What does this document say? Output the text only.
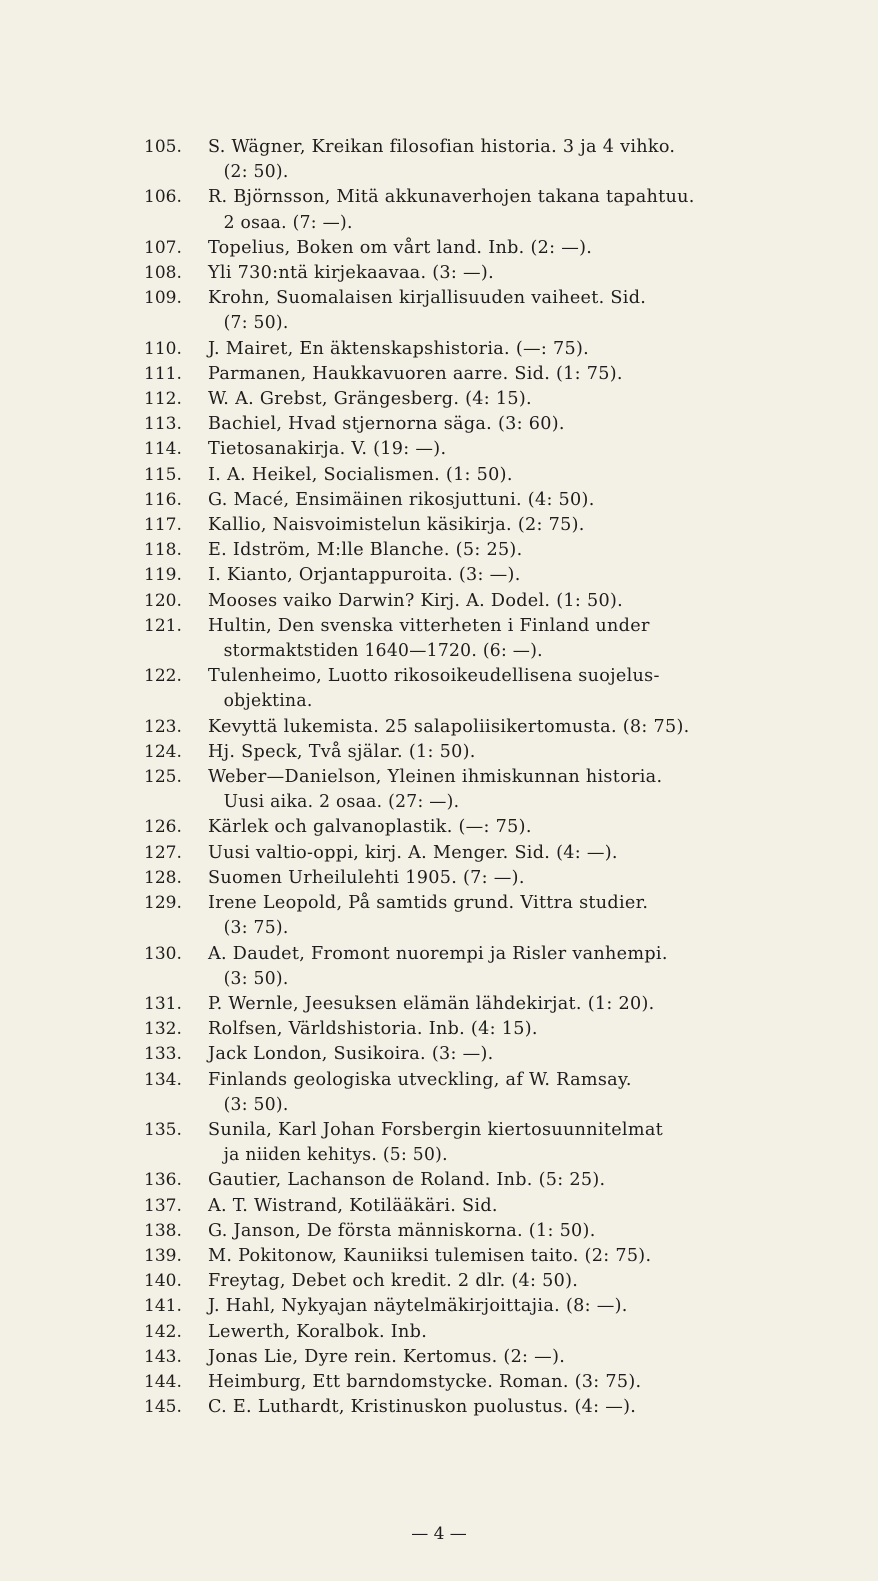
105.	S. Wägner, Kreikan filosofian historia. 3 ja 4 vihko.
(2: 50).
106.	R. Björnsson, Mitä akkunaverhojen takana tapahtuu.
2 osaa. (7: —).
107.	Topelius, Boken om vårt land. Inb. (2: —).
108.	Yli 730:ntä kirjekaavaa. (3: —).
109.	Krohn, Suomalaisen kirjallisuuden vaiheet. Sid.
(7: 50).
110.	J. Mairet, En äktenskapshistoria. (—: 75).
111.	Parmanen, Haukkavuoren aarre. Sid. (1: 75).
112.	W. A. Grebst, Grängesberg. (4: 15).
113.	Bachiel, Hvad stjernorna säga. (3: 60).
114.	Tietosanakirja. V. (19: —).
115.	I. A. Heikel, Socialismen. (1: 50).
116.	G. Macé, Ensimäinen rikosjuttuni. (4: 50).
117.	Kallio, Naisvoimistelun käsikirja. (2: 75).
118.	E. Idström, M:lle Blanche. (5: 25).
119.	I. Kianto, Orjantappuroita. (3: —).
120.	Mooses vaiko Darwin? Kirj. A. Dodel. (1: 50).
121.	Hultin, Den svenska vitterheten i Finland under
stormaktstiden 1640—1720. (6: —).
122.	Tulenheimo, Luotto rikosoikeudellisena suojelus-
objektina.
123.	Kevyttä lukemista. 25 salapoliisikertomusta. (8: 75).
124.	Hj. Speck, Två själar. (1: 50).
125.	Weber—Danielson, Yleinen ihmiskunnan historia.
Uusi aika. 2 osaa. (27: —).
126.	Kärlek och galvanoplastik. (—: 75).
127.	Uusi valtio-oppi, kirj. A. Menger. Sid. (4: —).
128.	Suomen Urheilulehti 1905. (7: —).
129.	Irene Leopold, På samtids grund. Vittra studier.
(3: 75).
130.	A. Daudet, Fromont nuorempi ja Risler vanhempi.
(3: 50).
131.	P. Wernle, Jeesuksen elämän lähdekirjat. (1: 20).
132.	Rolfsen, Världshistoria. Inb. (4: 15).
133.	Jack London, Susikoira. (3: —).
134.	Finlands geologiska utveckling, af W. Ramsay.
(3: 50).
135.	Sunila, Karl Johan Forsbergin kiertosuunnitelmat
ja niiden kehitys. (5: 50).
136.	Gautier, Lachanson de Roland. Inb. (5: 25).
137.	A. T. Wistrand, Kotilääkäri. Sid.
138.	G. Janson, De första människorna. (1: 50).
139.	M. Pokitonow, Kauniiksi tulemisen taito. (2: 75).
140.	Freytag, Debet och kredit. 2 dlr. (4: 50).
141.	J. Hahl, Nykyajan näytelmäkirjoittajia. (8: —).
142.	Lewerth, Koralbok. Inb.
143.	Jonas Lie, Dyre rein. Kertomus. (2: —).
144.	Heimburg, Ett barndomstycke. Roman. (3: 75).
145.	C. E. Luthardt, Kristinuskon puolustus. (4: —).
— 4 —
